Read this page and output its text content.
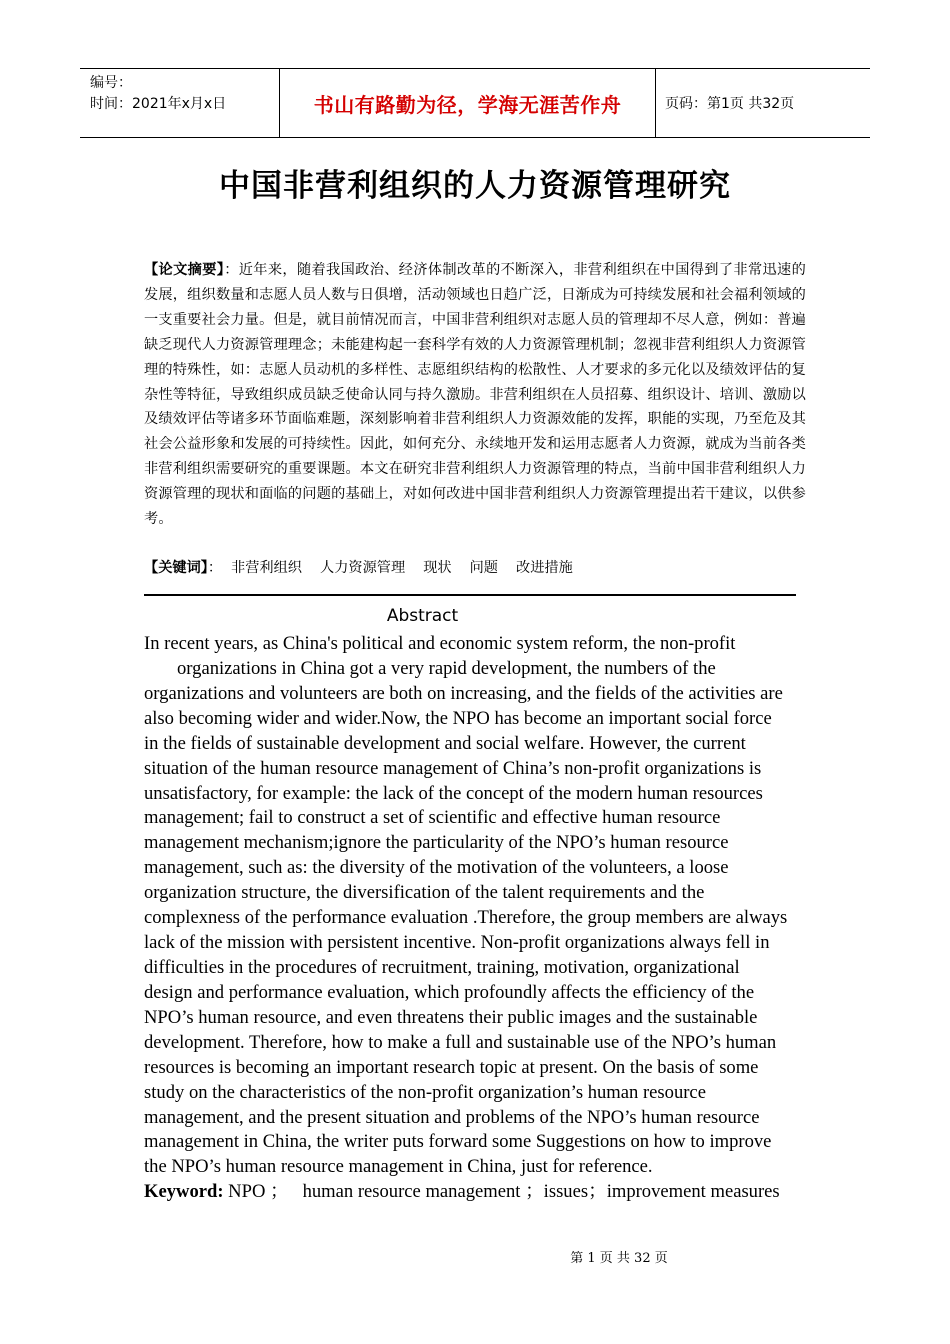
编号：
时间：2021年x月x日	书山有路勤为径，学海无涯苦作舟	页码：第1页 共32页
中国非营利组织的人力资源管理研究
【论文摘要】：近年来，随着我国政治、经济体制改革的不断深入，非营利组织在中国得到了非常迅速的发展，组织数量和志愿人员人数与日俱增，活动领域也日趋广泛，日渐成为可持续发展和社会福利领域的一支重要社会力量。但是，就目前情况而言，中国非营利组织对志愿人员的管理却不尽人意，例如：普遍缺乏现代人力资源管理理念；未能建构起一套科学有效的人力资源管理机制；忽视非营利组织人力资源管理的特殊性，如：志愿人员动机的多样性、志愿组织结构的松散性、人才要求的多元化以及绩效评估的复杂性等特征，导致组织成员缺乏使命认同与持久激励。非营利组织在人员招募、组织设计、培训、激励以及绩效评估等诸多环节面临难题，深刻影响着非营利组织人力资源效能的发挥，职能的实现，乃至危及其社会公益形象和发展的可持续性。因此，如何充分、永续地开发和运用志愿者人力资源，就成为当前各类非营利组织需要研究的重要课题。本文在研究非营利组织人力资源管理的特点，当前中国非营利组织人力资源管理的现状和面临的问题的基础上，对如何改进中国非营利组织人力资源管理提出若干建议，以供参考。
【关键词】：  非营利组织    人力资源管理    现状    问题    改进措施
Abstract
In recent years, as China's political and economic system reform, the non-profit
organizations in China got a very rapid development, the numbers of the
organizations and volunteers are both on increasing, and the fields of the activities are
also becoming wider and wider.Now, the NPO has become an important social force
in the fields of sustainable development and social welfare. However, the current
situation of the human resource management of China’s non-profit organizations is
unsatisfactory, for example: the lack of the concept of the modern human resources
management; fail to construct a set of scientific and effective human resource
management mechanism;ignore the particularity of the NPO’s human resource
management, such as: the diversity of the motivation of the volunteers, a loose
organization structure, the diversification of the talent requirements and the
complexness of the performance evaluation .Therefore, the group members are always
lack of the mission with persistent incentive. Non-profit organizations always fell in
difficulties in the procedures of recruitment, training, motivation, organizational
design and performance evaluation, which profoundly affects the efficiency of the
NPO’s human resource, and even threatens their public images and the sustainable
development. Therefore, how to make a full and sustainable use of the NPO’s human
resources is becoming an important research topic at present. On the basis of some
study on the characteristics of the non-profit organization’s human resource
management, and the present situation and problems of the NPO’s human resource
management in China, the writer puts forward some Suggestions on how to improve
the NPO’s human resource management in China, just for reference.
Keyword: NPO ；   human resource management ；issues；improvement measures
第 1 页 共 32 页
